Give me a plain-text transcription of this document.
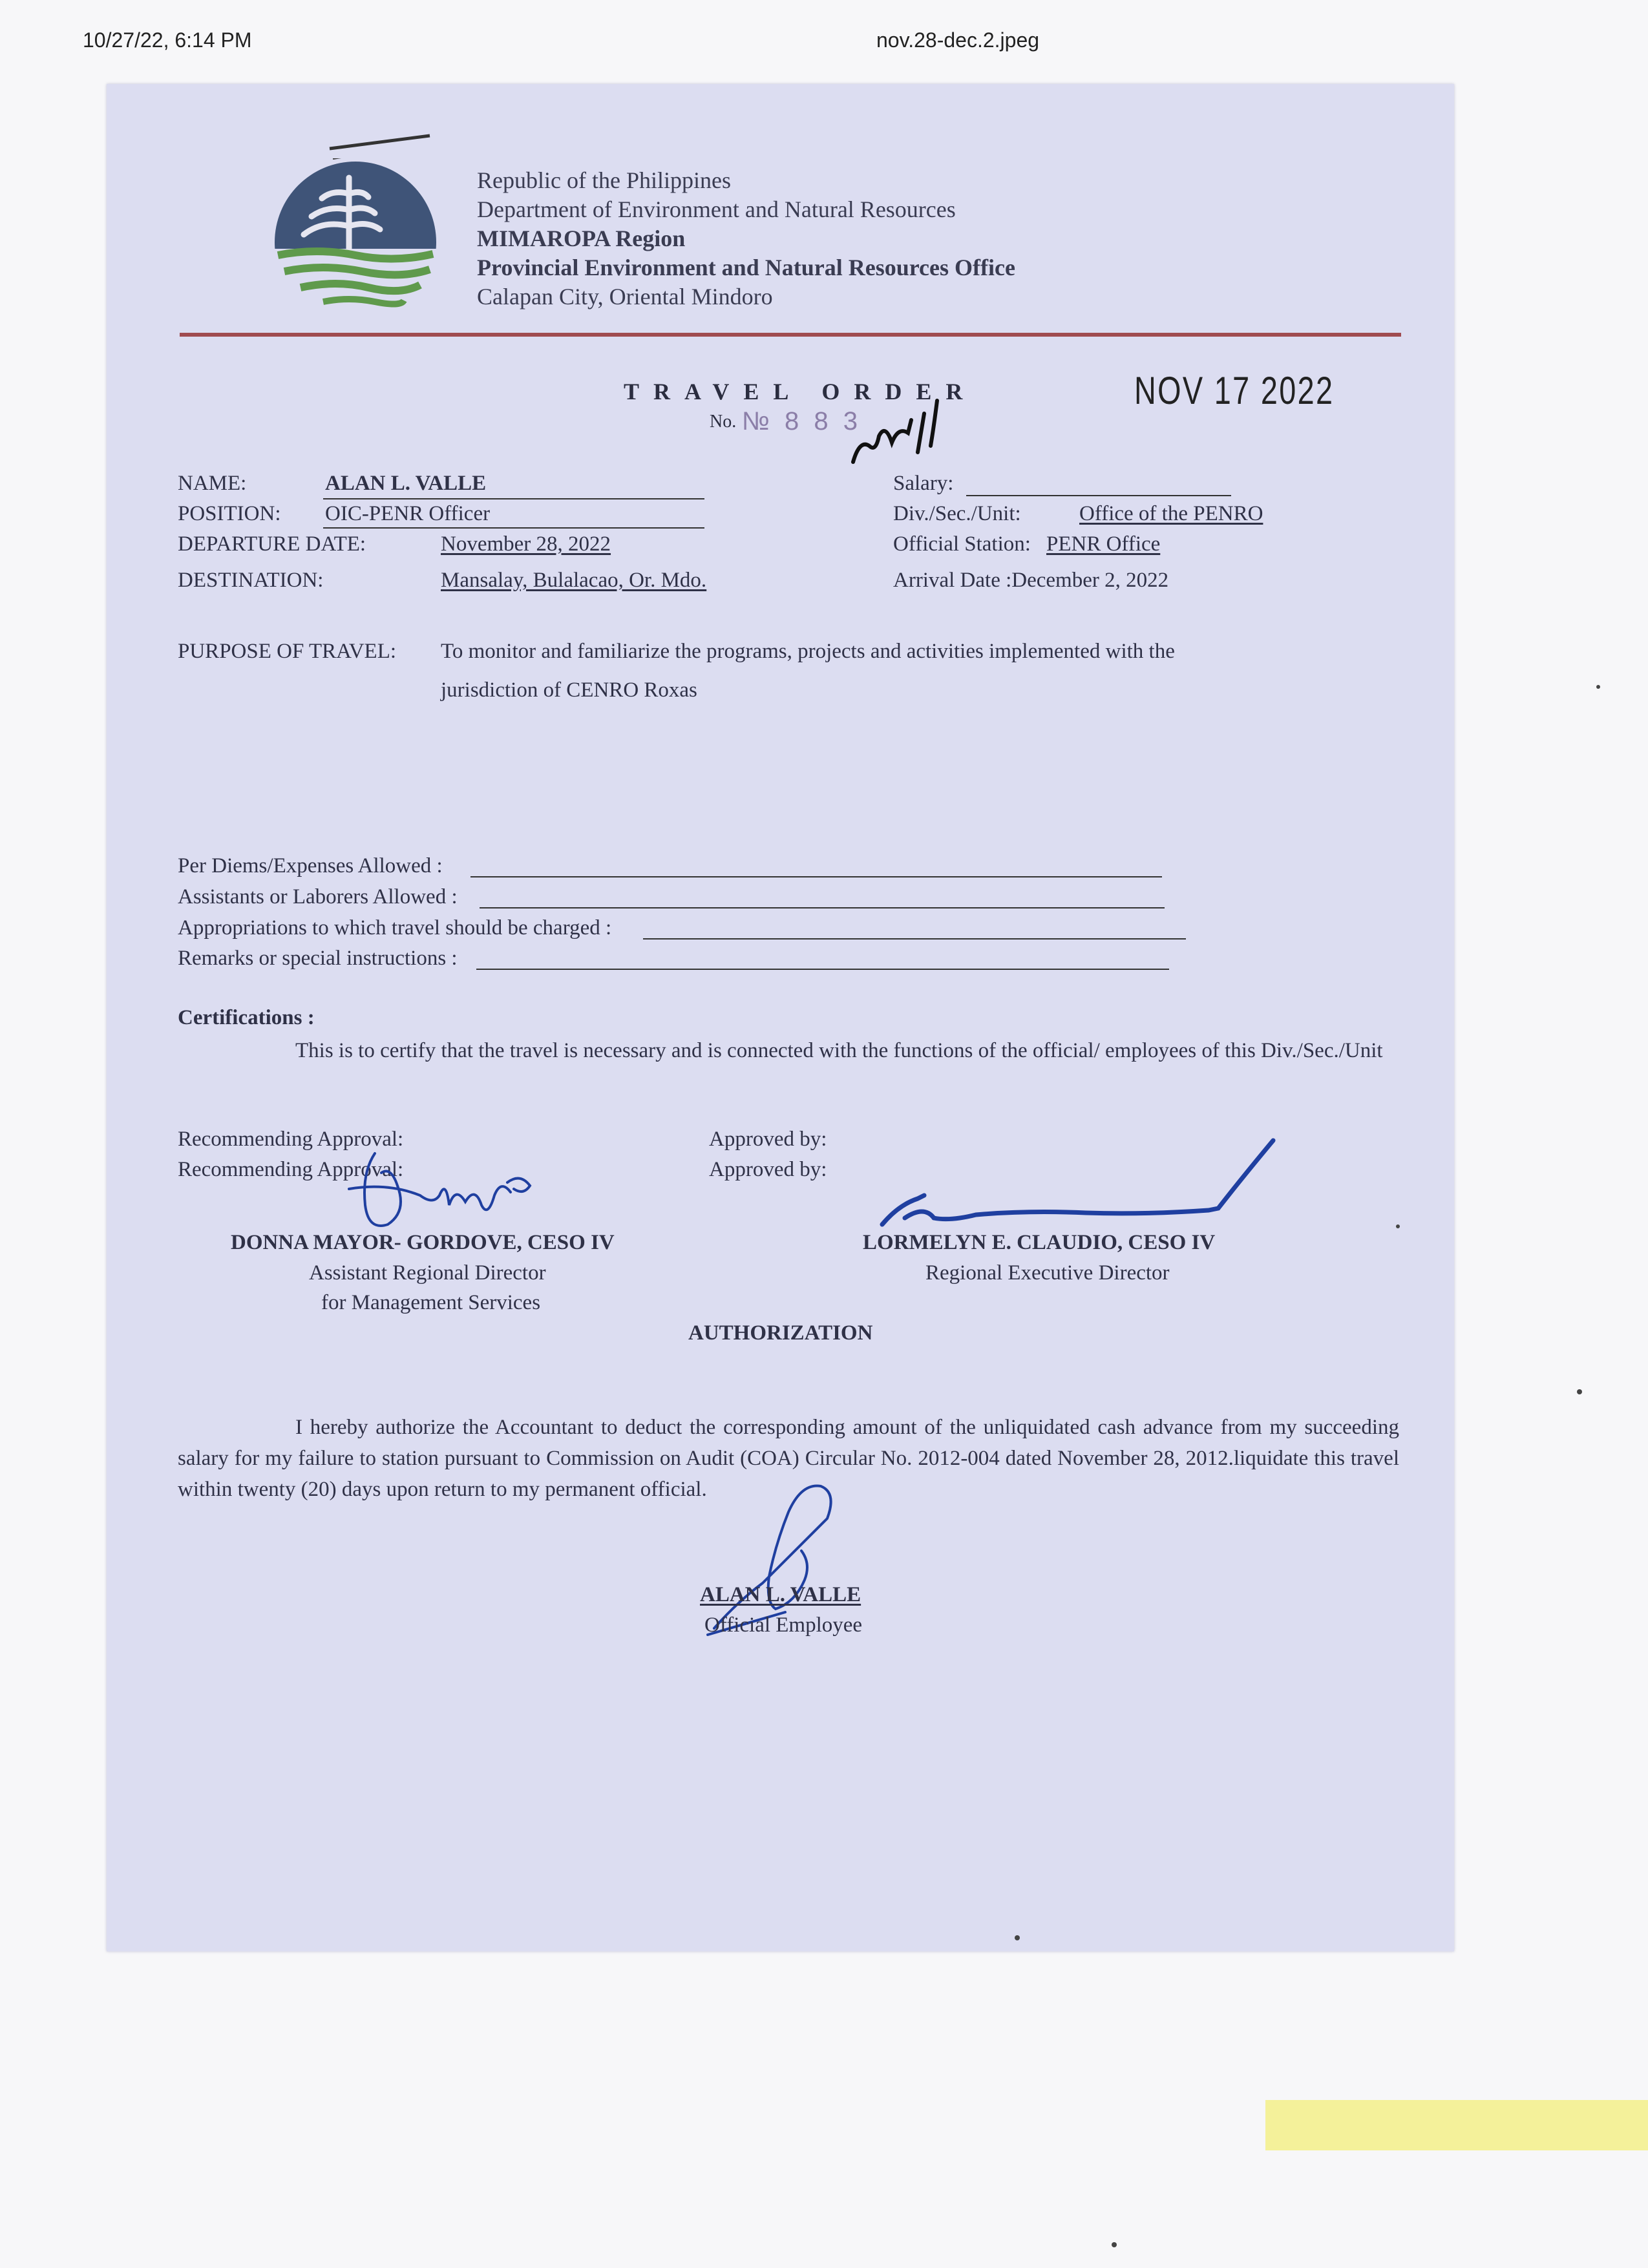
10/27/22, 6:14 PM	nov.28-dec.2.jpeg
Republic of the Philippines
Department of Environment and Natural Resources
MIMAROPA Region
Provincial Environment and Natural Resources Office
Calapan City, Oriental Mindoro
TRAVEL ORDER
No. № 8 8 3
NOV 17 2022
NAME:	ALAN L. VALLE
POSITION: OIC-PENR Officer
DEPARTURE DATE:	November 28, 2022
DESTINATION:	Mansalay, Bulalacao, Or. Mdo.
Salary:
Div./Sec./Unit:	Office of the PENRO
Official Station: PENR Office
Arrival Date :December 2, 2022
PURPOSE OF TRAVEL: To monitor and familiarize the programs, projects and activities implemented with the
jurisdiction of CENRO Roxas
Per Diems/Expenses Allowed :
Assistants or Laborers Allowed :
Appropriations to which travel should be charged :
Remarks or special instructions :
Certifications :
This is to certify that the travel is necessary and is connected with the functions of the official/ employees of this Div./Sec./Unit
Recommending Approval:
Recommending Approval:
Approved by:
Approved by:
DONNA MAYOR- GORDOVE, CESO IV
Assistant Regional Director
for Management Services
LORMELYN E. CLAUDIO, CESO IV
Regional Executive Director
AUTHORIZATION
I hereby authorize the Accountant to deduct the corresponding amount of the unliquidated cash advance from my succeeding salary for my failure to station pursuant to Commission on Audit (COA) Circular No. 2012-004 dated November 28, 2012.liquidate this travel within twenty (20) days upon return to my permanent official.
ALAN L. VALLE
Official Employee
